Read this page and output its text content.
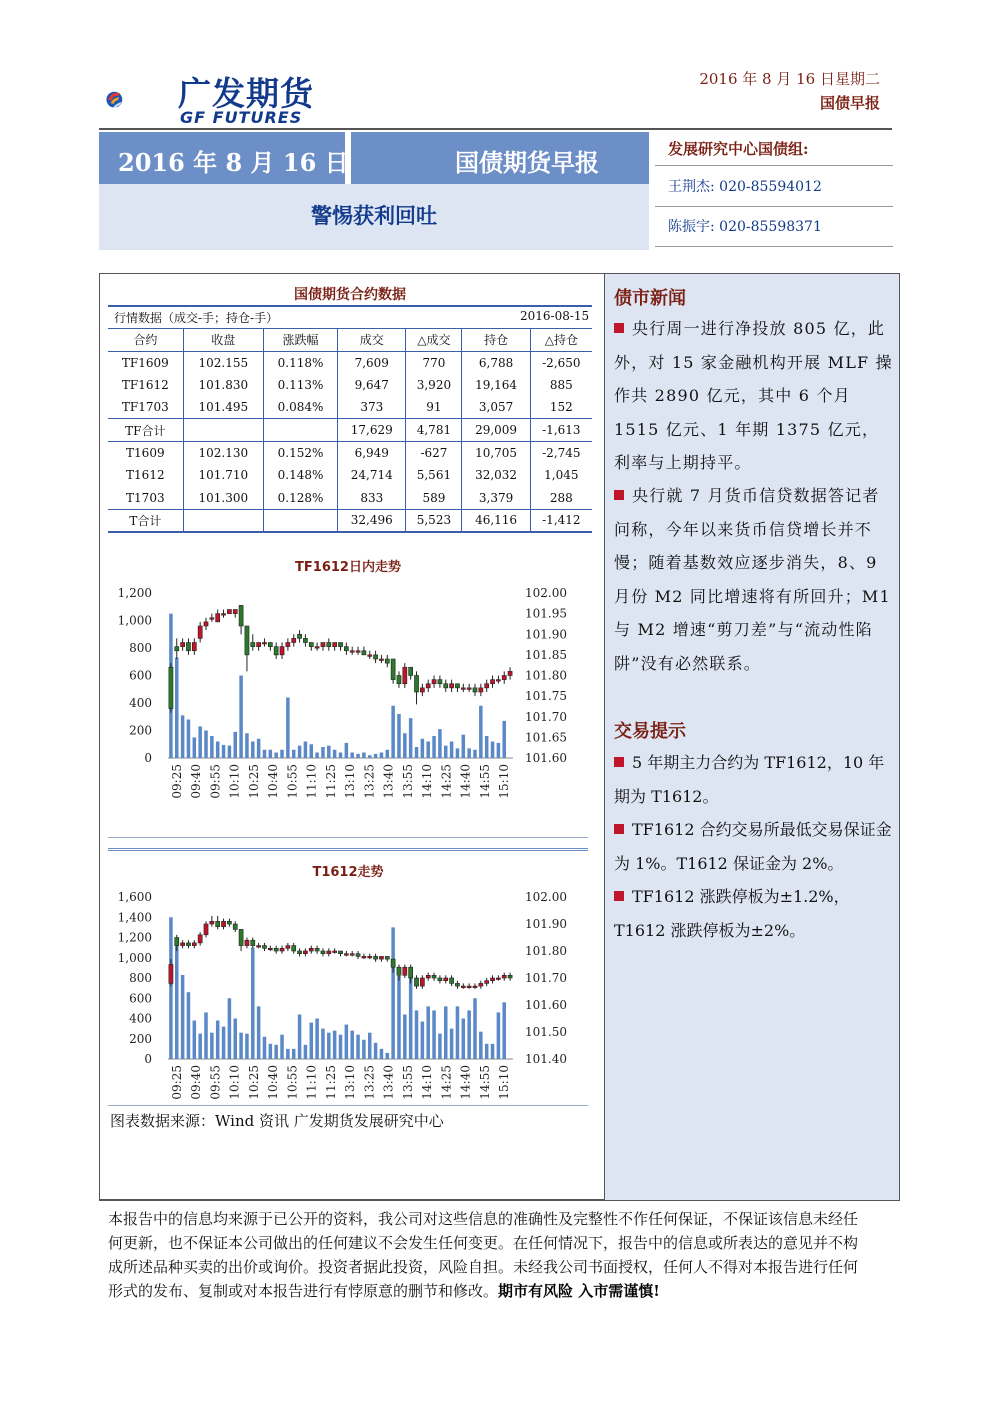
广发期货
GF FUTURES
2016 年 8 月 16 日星期二
国债早报
2016 年 8 月 16 日	国债期货早报
警惕获利回吐
发展研究中心国债组:
王荆杰: 020-85594012
陈振宇: 020-85598371
国债期货合约数据
行情数据（成交-手；持仓-手）	2016-08-15
合约	收盘	涨跌幅	成交	△成交	持仓	△持仓
TF1609	102.155	0.118%	7,609	770	6,788	-2,650
TF1612	101.830	0.113%	9,647	3,920	19,164	885
TF1703	101.495	0.084%	373	91	3,057	152
TF合计			17,629	4,781	29,009	-1,613
T1609	102.130	0.152%	6,949	-627	10,705	-2,745
T1612	101.710	0.148%	24,714	5,561	32,032	1,045
T1703	101.300	0.128%	833	589	3,379	288
T合计			32,496	5,523	46,116	-1,412
TF1612日内走势
0
200
400
600
800
1,000
1,200
101.60
101.65
101.70
101.75
101.80
101.85
101.90
101.95
102.00
09:25 09:40 09:55 10:10 10:25 10:40 10:55 11:10 11:25 13:10 13:25 13:40 13:55 14:10 14:25 14:40 14:55 15:10
T1612走势
0
200
400
600
800
1,000
1,200
1,400
1,600
101.40
101.50
101.60
101.70
101.80
101.90
102.00
09:25 09:40 09:55 10:10 10:25 10:40 10:55 11:10 11:25 13:10 13:25 13:40 13:55 14:10 14:25 14:40 14:55 15:10
图表数据来源：Wind 资讯 广发期货发展研究中心
债市新闻
央行周一进行净投放 805 亿，此外，对 15 家金融机构开展 MLF 操作共 2890 亿元，其中 6 个月 1515 亿元、1 年期 1375 亿元，利率与上期持平。
央行就 7 月货币信贷数据答记者问称，今年以来货币信贷增长并不慢；随着基数效应逐步消失，8、9 月份 M2 同比增速将有所回升；M1 与 M2 增速“剪刀差”与“流动性陷阱”没有必然联系。
交易提示
5 年期主力合约为 TF1612，10 年期为 T1612。
TF1612 合约交易所最低交易保证金为 1%。T1612 保证金为 2%。
TF1612 涨跌停板为±1.2%，T1612 涨跌停板为±2%。
本报告中的信息均来源于已公开的资料，我公司对这些信息的准确性及完整性不作任何保证，不保证该信息未经任何更新，也不保证本公司做出的任何建议不会发生任何变更。在任何情况下，报告中的信息或所表达的意见并不构成所述品种买卖的出价或询价。投资者据此投资，风险自担。未经我公司书面授权，任何人不得对本报告进行任何形式的发布、复制或对本报告进行有悖原意的删节和修改。期市有风险 入市需谨慎!
